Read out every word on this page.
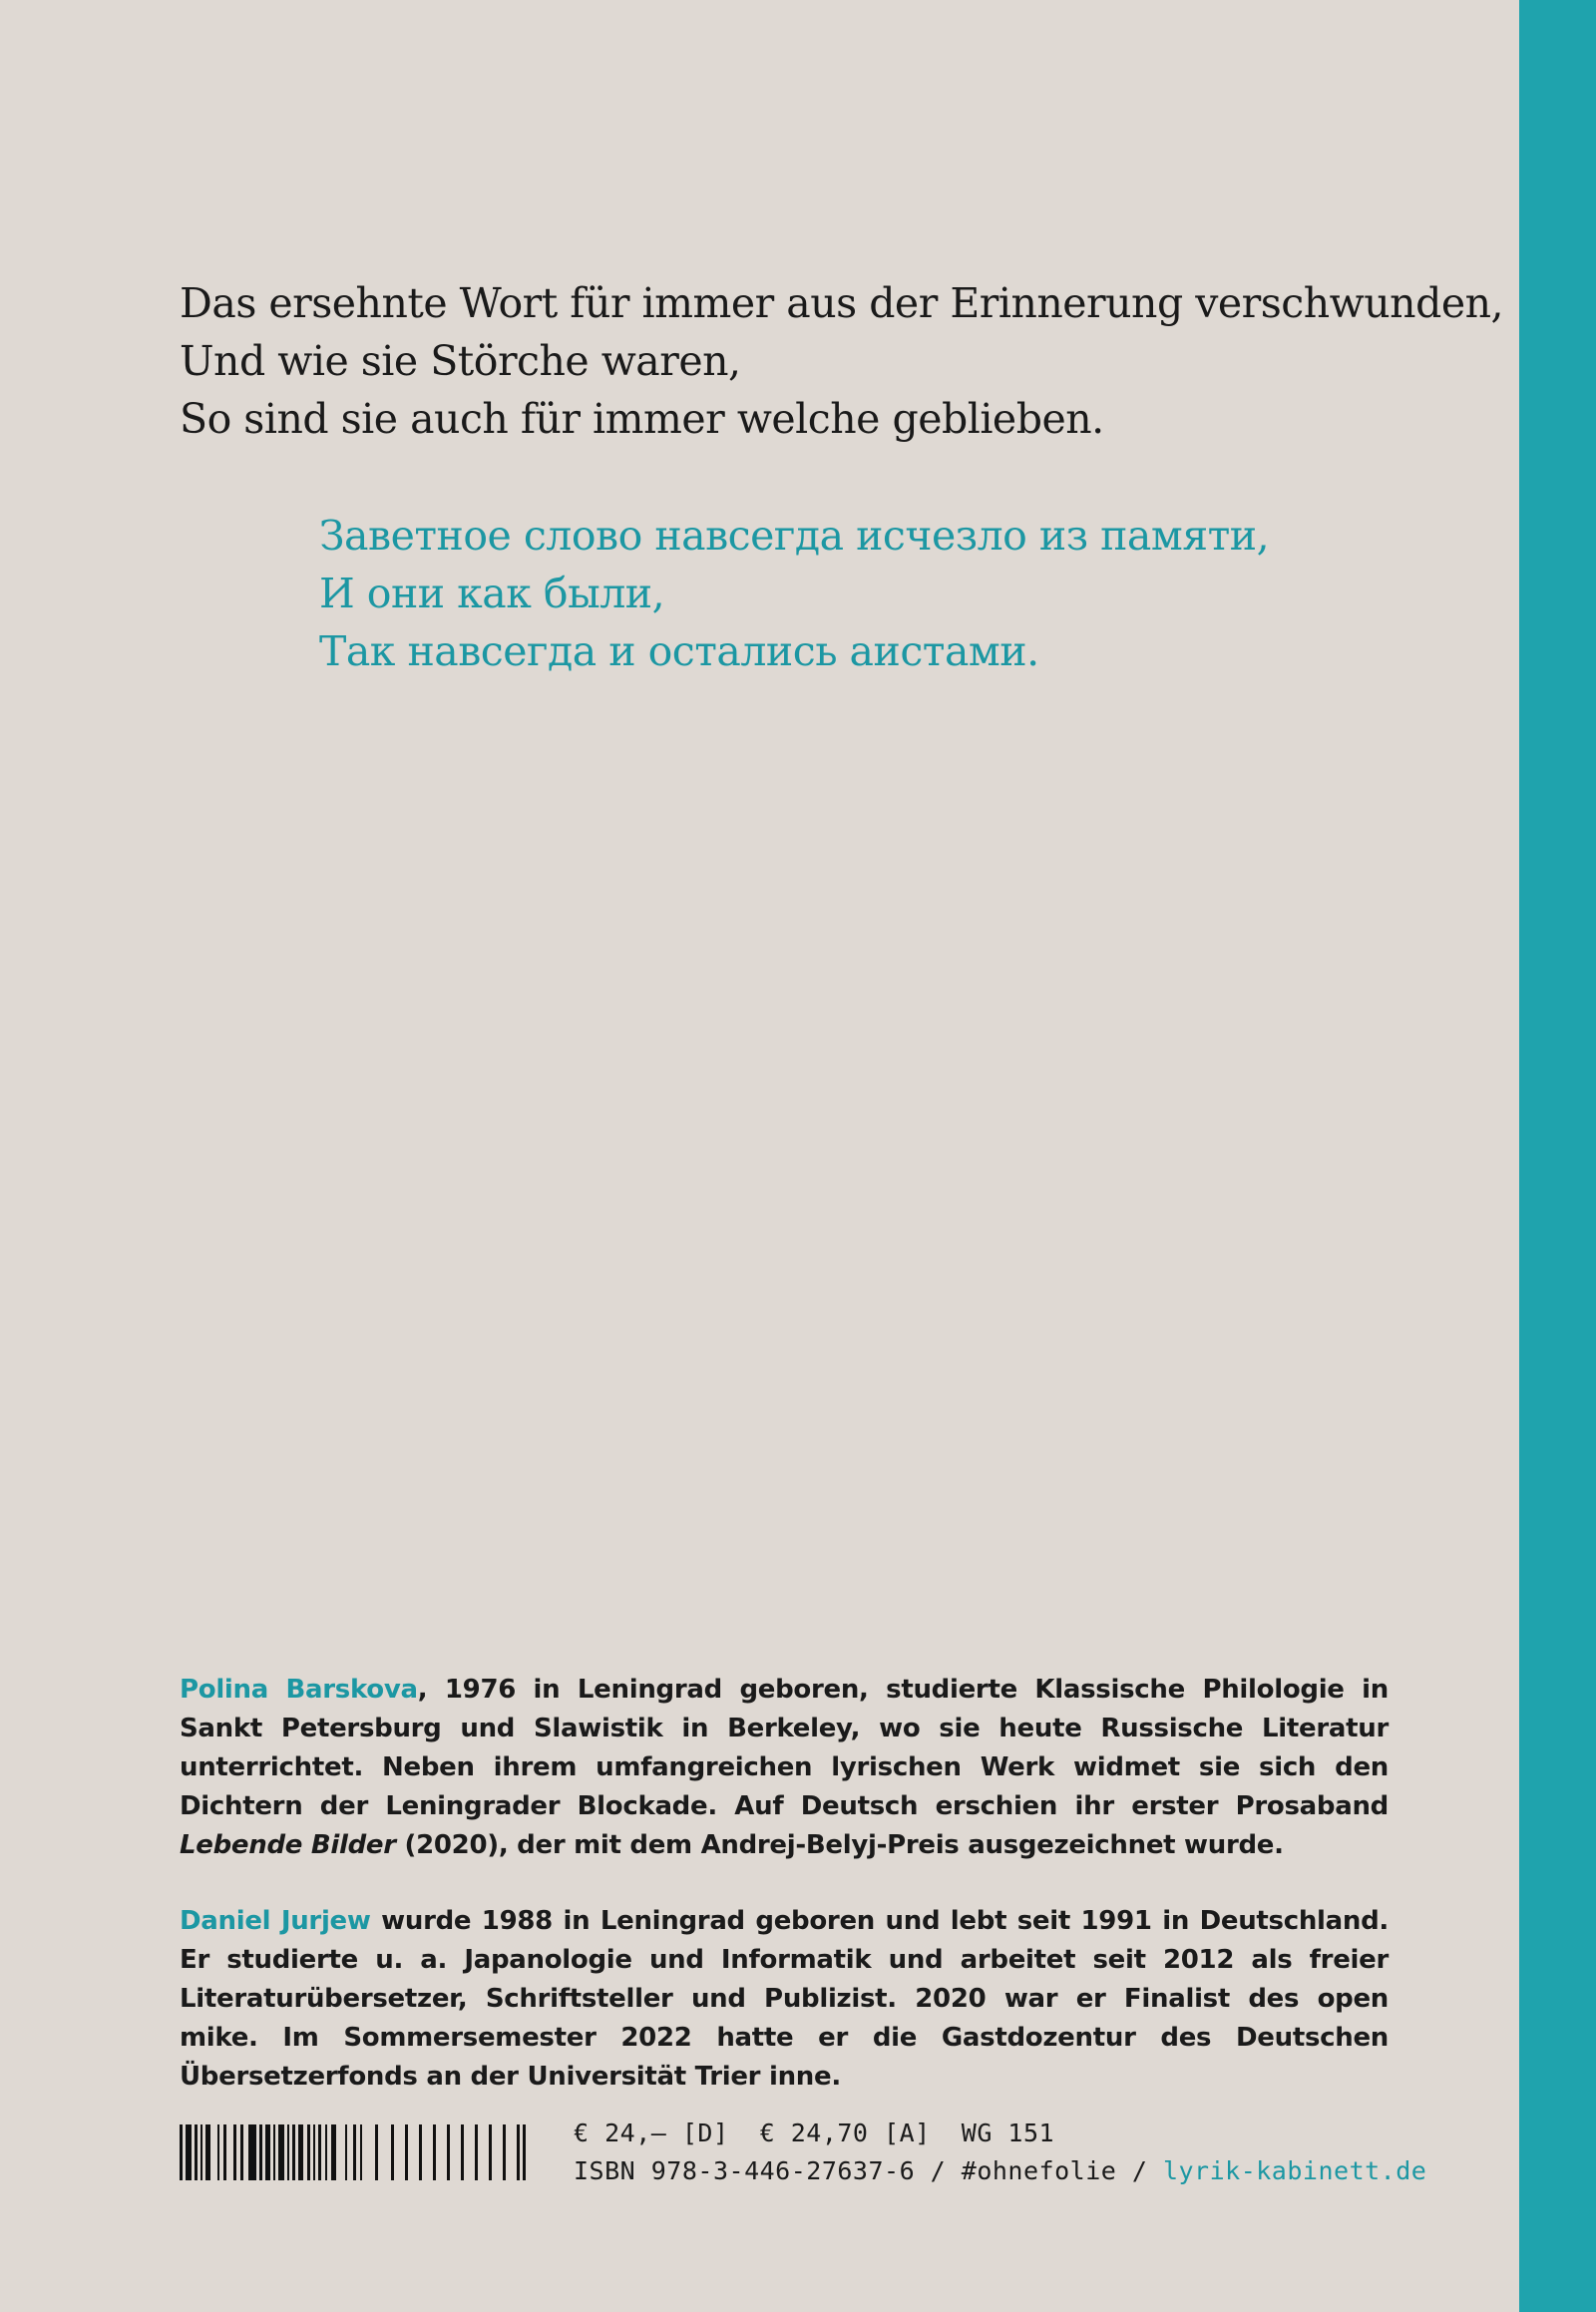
Das ersehnte Wort für immer aus der Erinnerung verschwunden,
Und wie sie Störche waren,
So sind sie auch für immer welche geblieben.
Заветное слово навсегда исчезло из памяти,
И они как были,
Так навсегда и остались аистами.
Polina Barskova, 1976 in Leningrad geboren, studierte Klassische Philologie in Sankt Petersburg und Slawistik in Berkeley, wo sie heute Russische Literatur unterrichtet. Neben ihrem umfangreichen lyrischen Werk widmet sie sich den Dichtern der Leningrader Blockade. Auf Deutsch erschien ihr erster Prosaband Lebende Bilder (2020), der mit dem Andrej-Belyj-Preis ausgezeichnet wurde.
Daniel Jurjew wurde 1988 in Leningrad geboren und lebt seit 1991 in Deutschland. Er studierte u. a. Japanologie und Informatik und arbeitet seit 2012 als freier Literaturübersetzer, Schriftsteller und Publizist. 2020 war er Finalist des open mike. Im Sommersemester 2022 hatte er die Gastdozentur des Deutschen Übersetzerfonds an der Universität Trier inne.
€ 24,– [D]  € 24,70 [A]  WG 151
ISBN 978-3-446-27637-6 / #ohnefolie / lyrik-kabinett.de
